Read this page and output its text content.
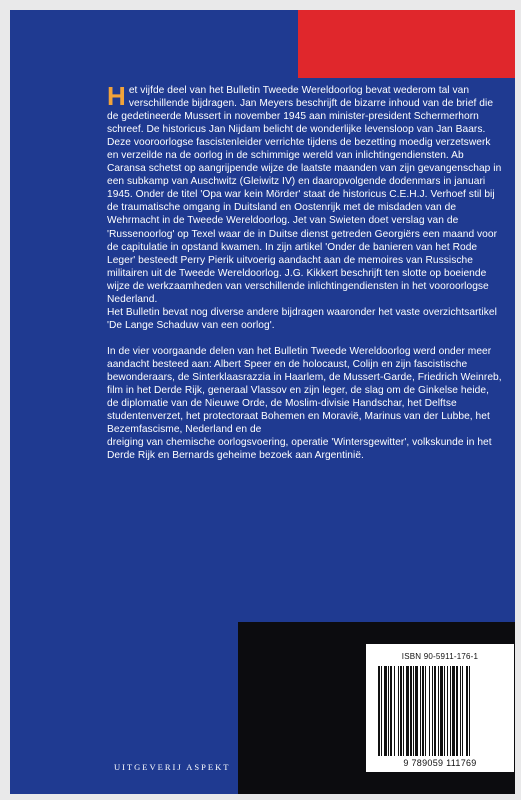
Het vijfde deel van het Bulletin Tweede Wereldoorlog bevat wederom tal van verschillende bijdragen. Jan Meyers beschrijft de bizarre inhoud van de brief die de gedetineerde Mussert in november 1945 aan minister-president Schermerhorn schreef. De historicus Jan Nijdam belicht de wonderlijke levensloop van Jan Baars. Deze vooroorlogse fascistenleider verrichte tijdens de bezetting moedig verzetswerk en verzeilde na de oorlog in de schimmige wereld van inlichtingendiensten. Ab Caransa schetst op aangrijpende wijze de laatste maanden van zijn gevangenschap in een subkamp van Auschwitz (Gleiwitz IV) en daaropvolgende dodenmars in januari 1945. Onder de titel 'Opa war kein Mörder' staat de historicus C.E.H.J. Verhoef stil bij de traumatische omgang in Duitsland en Oostenrijk met de misdaden van de Wehrmacht in de Tweede Wereldoorlog. Jet van Swieten doet verslag van de 'Russenoorlog' op Texel waar de in Duitse dienst getreden Georgiërs een maand voor de capitulatie in opstand kwamen. In zijn artikel 'Onder de banieren van het Rode Leger' besteedt Perry Pierik uitvoerig aandacht aan de memoires van Russische militairen uit de Tweede Wereldoorlog. J.G. Kikkert beschrijft ten slotte op boeiende wijze de werkzaamheden van verschillende inlichtingendiensten in het vooroorlogse Nederland.

Het Bulletin bevat nog diverse andere bijdragen waaronder het vaste overzichtsartikel 'De Lange Schaduw van een oorlog'.

In de vier voorgaande delen van het Bulletin Tweede Wereldoorlog werd onder meer aandacht besteed aan: Albert Speer en de holocaust, Colijn en zijn fascistische bewonderaars, de Sinterklaasrazzia in Haarlem, de Mussert-Garde, Friedrich Weinreb, film in het Derde Rijk, generaal Vlassov en zijn leger, de slag om de Ginkelse heide, de diplomatie van de Nieuwe Orde, de Moslim-divisie Handschar, het Delftse studentenverzet, het protectoraat Bohemen en Moravië, Marinus van der Lubbe, het Bezemfascisme, Nederland en de

dreiging van chemische oorlogsvoering, operatie 'Wintersgewitter', volkskunde in het Derde Rijk en Bernards geheime bezoek aan Argentinië.

ISBN 90-5911-176-1
9 789059 111769
UITGEVERIJ ASPEKT
